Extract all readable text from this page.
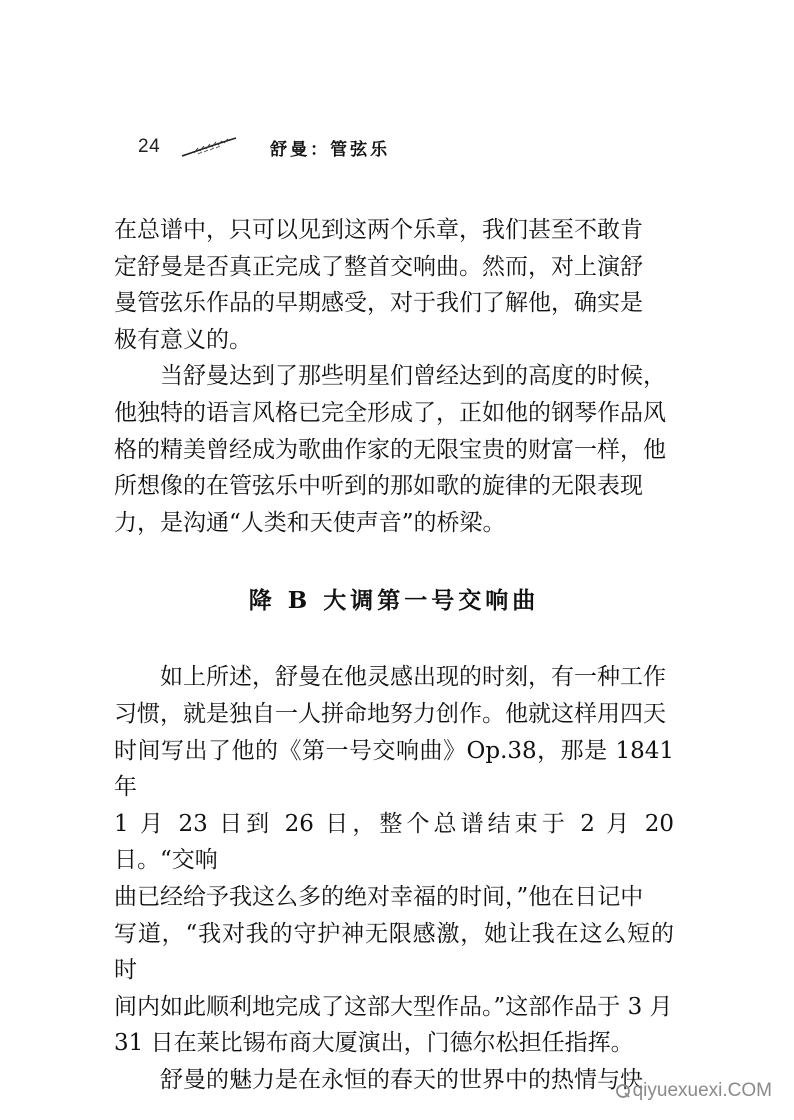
24	舒曼：管弦乐

在总谱中，只可以见到这两个乐章，我们甚至不敢肯
定舒曼是否真正完成了整首交响曲。然而，对上演舒
曼管弦乐作品的早期感受，对于我们了解他，确实是
极有意义的。

当舒曼达到了那些明星们曾经达到的高度的时候，
他独特的语言风格已完全形成了，正如他的钢琴作品风
格的精美曾经成为歌曲作家的无限宝贵的财富一样，他
所想像的在管弦乐中听到的那如歌的旋律的无限表现
力，是沟通“人类和天使声音”的桥梁。

降 B 大调第一号交响曲

如上所述，舒曼在他灵感出现的时刻，有一种工作
习惯，就是独自一人拼命地努力创作。他就这样用四天
时间写出了他的《第一号交响曲》Op.38，那是 1841 年
1 月 23 日到 26 日，整个总谱结束于 2 月 20 日。“交响
曲已经给予我这么多的绝对幸福的时间，”他在日记中
写道，“我对我的守护神无限感激，她让我在这么短的时
间内如此顺利地完成了这部大型作品。”这部作品于 3 月
31 日在莱比锡布商大厦演出，门德尔松担任指挥。

舒曼的魅力是在永恒的春天的世界中的热情与快

qiyuexuexi.COM
